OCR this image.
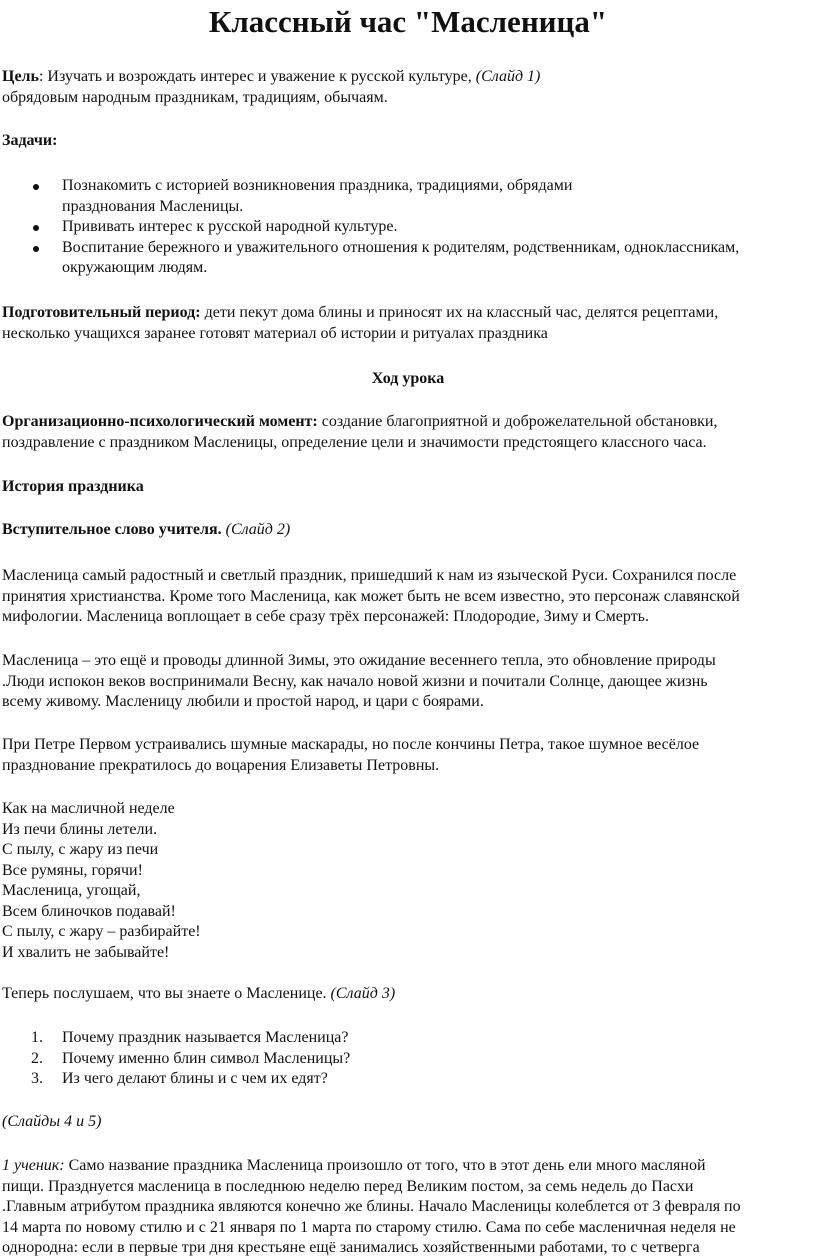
Классный час "Масленица"

Цель: Изучать и возрождать интерес и уважение к русской культуре, (Слайд 1)
обрядовым народным праздникам, традициям, обычаям.

Задачи:

Познакомить с историей возникновения праздника, традициями, обрядами
празднования Масленицы.
Прививать интерес к русской народной культуре.
Воспитание бережного и уважительного отношения к родителям, родственникам, одноклассникам,
окружающим людям.

Подготовительный период: дети пекут дома блины и приносят их на классный час, делятся рецептами,
несколько учащихся заранее готовят материал об истории и ритуалах праздника

Ход урока

Организационно-психологический момент: создание благоприятной и доброжелательной обстановки,
поздравление с праздником Масленицы, определение цели и значимости предстоящего классного часа.

История праздника

Вступительное слово учителя. (Слайд 2)

Масленица самый радостный и светлый праздник, пришедший к нам из языческой Руси. Сохранился после
принятия христианства. Кроме того Масленица, как может быть не всем известно, это персонаж славянской
мифологии. Масленица воплощает в себе сразу трёх персонажей: Плодородие, Зиму и Смерть.

Масленица – это ещё и проводы длинной Зимы, это ожидание весеннего тепла, это обновление природы
.Люди испокон веков воспринимали Весну, как начало новой жизни и почитали Солнце, дающее жизнь
всему живому. Масленицу любили и простой народ, и цари с боярами.

При Петре Первом устраивались шумные маскарады, но после кончины Петра, такое шумное весёлое
празднование прекратилось до воцарения Елизаветы Петровны.

Как на масличной неделе
Из печи блины летели.
С пылу, с жару из печи
Все румяны, горячи!
Масленица, угощай,
Всем блиночков подавай!
С пылу, с жару – разбирайте!
И хвалить не забывайте!

Теперь послушаем, что вы знаете о Масленице. (Слайд 3)

1. Почему праздник называется Масленица?
2. Почему именно блин символ Масленицы?
3. Из чего делают блины и с чем их едят?

(Слайды 4 и 5)

1 ученик: Само название праздника Масленица произошло от того, что в этот день ели много масляной
пищи. Празднуется масленица в последнюю неделю перед Великим постом, за семь недель до Пасхи
.Главным атрибутом праздника являются конечно же блины. Начало Масленицы колеблется от 3 февраля по
14 марта по новому стилю и с 21 января по 1 марта по старому стилю. Сама по себе масленичная неделя не
однородна: если в первые три дня крестьяне ещё занимались хозяйственными работами, то с четверга
